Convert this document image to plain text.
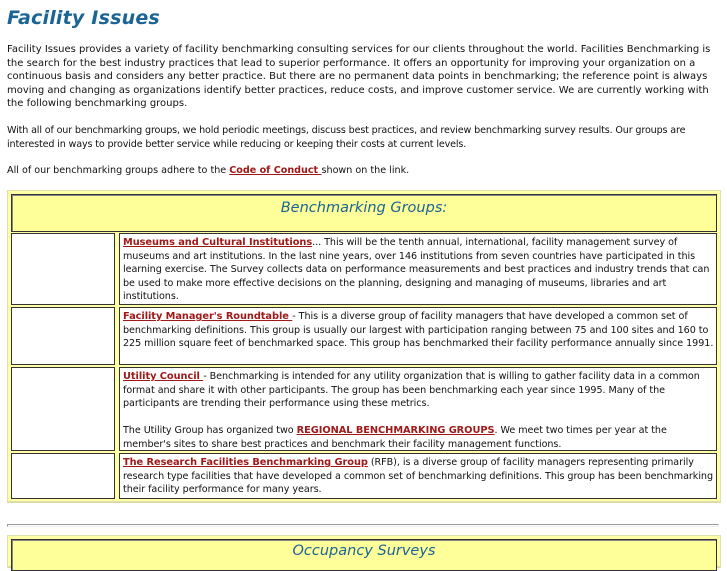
Facility Issues

Facility Issues provides a variety of facility benchmarking consulting services for our clients throughout the world. Facilities Benchmarking is the search for the best industry practices that lead to superior performance. It offers an opportunity for improving your organization on a continuous basis and considers any better practice. But there are no permanent data points in benchmarking; the reference point is always moving and changing as organizations identify better practices, reduce costs, and improve customer service. We are currently working with the following benchmarking groups.

With all of our benchmarking groups, we hold periodic meetings, discuss best practices, and review benchmarking survey results. Our groups are interested in ways to provide better service while reducing or keeping their costs at current levels.

All of our benchmarking groups adhere to the Code of Conduct shown on the link.

Benchmarking Groups:
Museums and Cultural Institutions... This will be the tenth annual, international, facility management survey of museums and art institutions. In the last nine years, over 146 institutions from seven countries have participated in this learning exercise. The Survey collects data on performance measurements and best practices and industry trends that can be used to make more effective decisions on the planning, designing and managing of museums, libraries and art institutions.
Facility Manager's Roundtable - This is a diverse group of facility managers that have developed a common set of benchmarking definitions. This group is usually our largest with participation ranging between 75 and 100 sites and 160 to 225 million square feet of benchmarked space. This group has benchmarked their facility performance annually since 1991.
Utility Council - Benchmarking is intended for any utility organization that is willing to gather facility data in a common format and share it with other participants. The group has been benchmarking each year since 1995. Many of the participants are trending their performance using these metrics.
The Utility Group has organized two REGIONAL BENCHMARKING GROUPS. We meet two times per year at the member's sites to share best practices and benchmark their facility management functions.
The Research Facilities Benchmarking Group (RFB), is a diverse group of facility managers representing primarily research type facilities that have developed a common set of benchmarking definitions. This group has been benchmarking their facility performance for many years.
Occupancy Surveys
